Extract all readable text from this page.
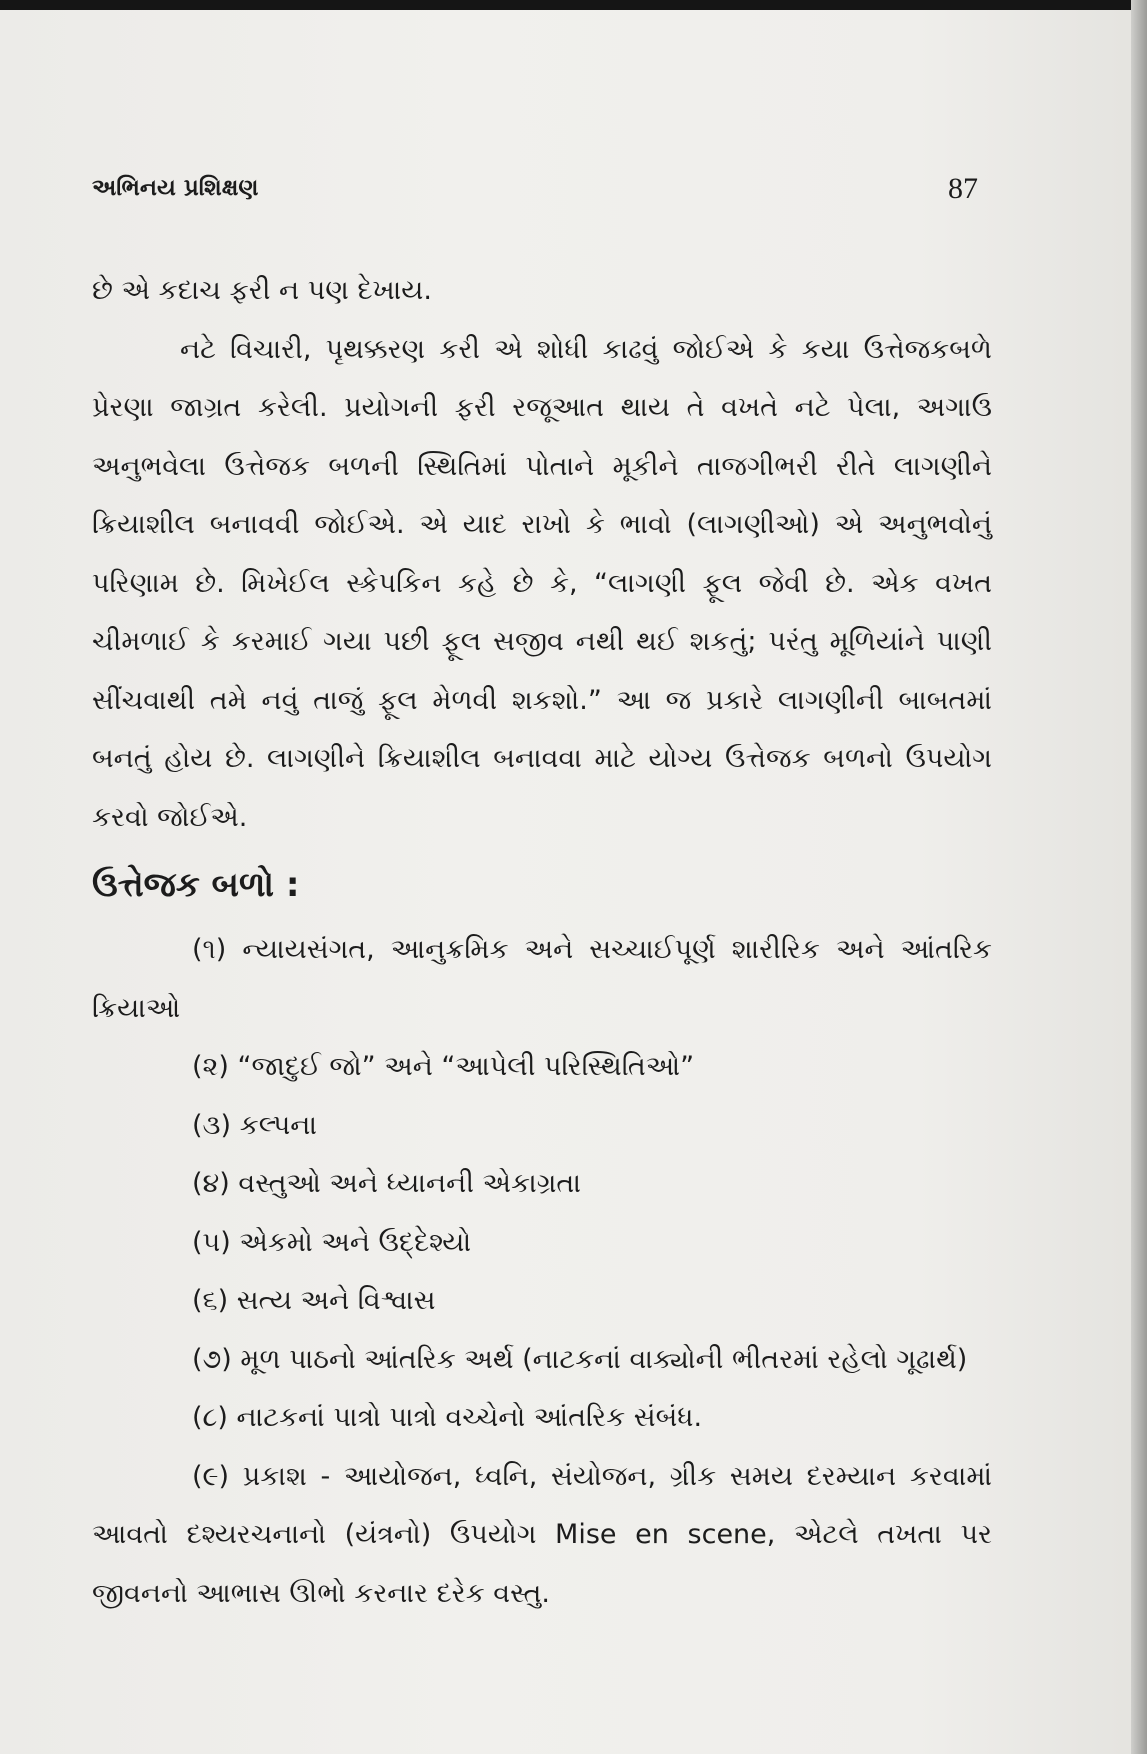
અભિનય પ્રશિક્ષણ	87

છે એ કદાચ ફરી ન પણ દેખાય.

નટે વિચારી, પૃથક્કરણ કરી એ શોધી કાઢવું જોઈએ કે કયા ઉત્તેજકબળે પ્રેરણા જાગ્રત કરેલી. પ્રયોગની ફરી રજૂઆત થાય તે વખતે નટે પેલા, અગાઉ અનુભવેલા ઉત્તેજક બળની સ્થિતિમાં પોતાને મૂકીને તાજગીભરી રીતે લાગણીને ક્રિયાશીલ બનાવવી જોઈએ. એ યાદ રાખો કે ભાવો (લાગણીઓ) એ અનુભવોનું પરિણામ છે. મિખેઈલ સ્કેપકિન કહે છે કે, “લાગણી ફૂલ જેવી છે. એક વખત ચીમળાઈ કે કરમાઈ ગયા પછી ફૂલ સજીવ નથી થઈ શકતું; પરંતુ મૂળિયાંને પાણી સીંચવાથી તમે નવું તાજું ફૂલ મેળવી શકશો.” આ જ પ્રકારે લાગણીની બાબતમાં બનતું હોય છે. લાગણીને ક્રિયાશીલ બનાવવા માટે યોગ્ય ઉત્તેજક બળનો ઉપયોગ કરવો જોઈએ.

ઉત્તેજક બળો :

(૧) ન્યાયસંગત, આનુક્રમિક અને સચ્ચાઈપૂર્ણ શારીરિક અને આંતરિક ક્રિયાઓ

(૨) “જાદુઈ જો” અને “આપેલી પરિસ્થિતિઓ”

(૩) કલ્પના

(૪) વસ્તુઓ અને ધ્યાનની એકાગ્રતા

(૫) એકમો અને ઉદ્દેશ્યો

(૬) સત્ય અને વિશ્વાસ

(૭) મૂળ પાઠનો આંતરિક અર્થ (નાટકનાં વાક્યોની ભીતરમાં રહેલો ગૂઢાર્થ)

(૮) નાટકનાં પાત્રો પાત્રો વચ્ચેનો આંતરિક સંબંધ.

(૯) પ્રકાશ - આયોજન, ધ્વનિ, સંયોજન, ગ્રીક સમય દરમ્યાન કરવામાં આવતો દશ્યરચનાનો (યંત્રનો) ઉપયોગ Mise en scene, એટલે તખતા પર જીવનનો આભાસ ઊભો કરનાર દરેક વસ્તુ.
